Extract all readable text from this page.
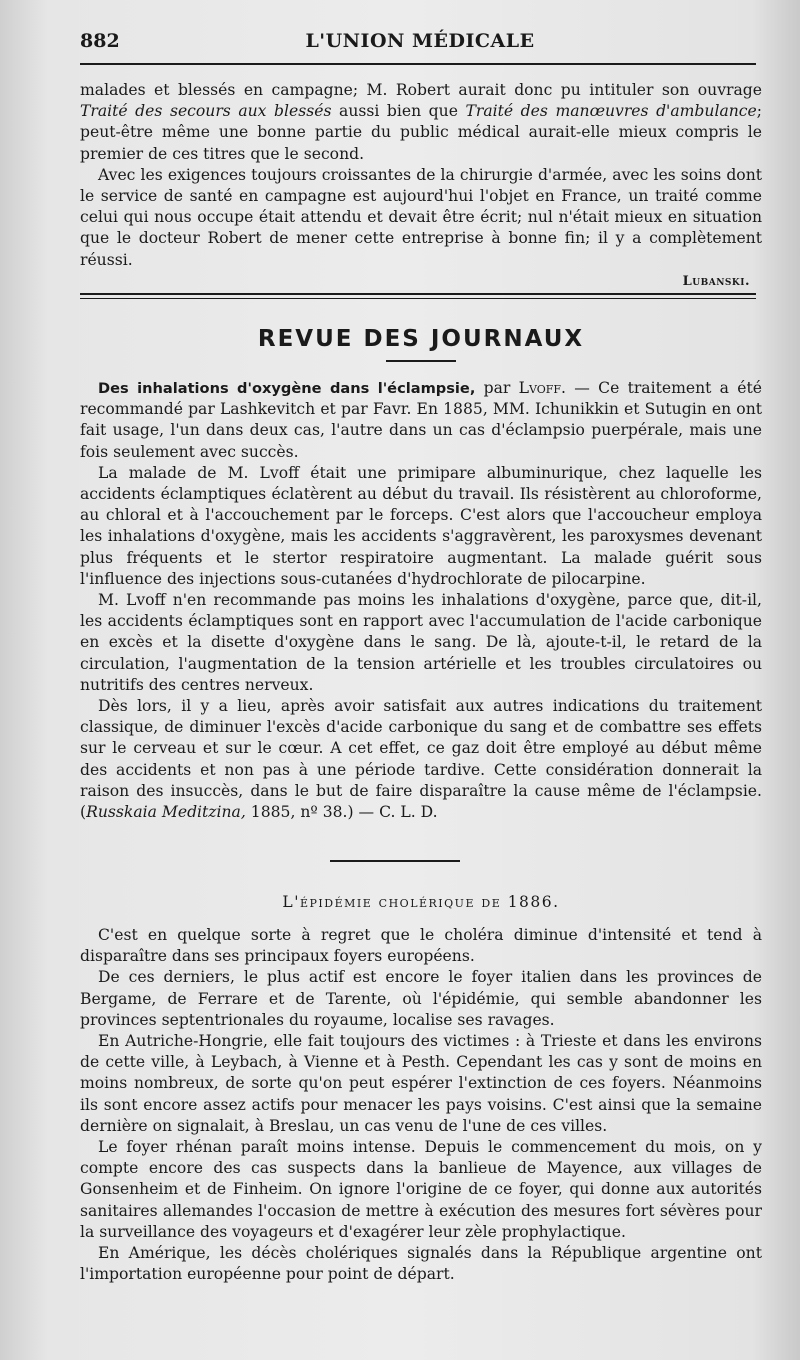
882	L'UNION MÉDICALE

malades et blessés en campagne; M. Robert aurait donc pu intituler son ouvrage Traité des secours aux blessés aussi bien que Traité des manœuvres d'ambulance; peut-être même une bonne partie du public médical aurait-elle mieux compris le premier de ces titres que le second.

Avec les exigences toujours croissantes de la chirurgie d'armée, avec les soins dont le service de santé en campagne est aujourd'hui l'objet en France, un traité comme celui qui nous occupe était attendu et devait être écrit; nul n'était mieux en situation que le docteur Robert de mener cette entreprise à bonne fin; il y a complètement réussi.

Lubanski.

REVUE DES JOURNAUX

Des inhalations d'oxygène dans l'éclampsie, par Lvoff. — Ce traitement a été recommandé par Lashkevitch et par Favr. En 1885, MM. Ichunikkin et Sutugin en ont fait usage, l'un dans deux cas, l'autre dans un cas d'éclampsio puerpérale, mais une fois seulement avec succès.

La malade de M. Lvoff était une primipare albuminurique, chez laquelle les accidents éclamptiques éclatèrent au début du travail. Ils résistèrent au chloroforme, au chloral et à l'accouchement par le forceps. C'est alors que l'accoucheur employa les inhalations d'oxygène, mais les accidents s'aggravèrent, les paroxysmes devenant plus fréquents et le stertor respiratoire augmentant. La malade guérit sous l'influence des injections sous-cutanées d'hydrochlorate de pilocarpine.

M. Lvoff n'en recommande pas moins les inhalations d'oxygène, parce que, dit-il, les accidents éclamptiques sont en rapport avec l'accumulation de l'acide carbonique en excès et la disette d'oxygène dans le sang. De là, ajoute-t-il, le retard de la circulation, l'augmentation de la tension artérielle et les troubles circulatoires ou nutritifs des centres nerveux.

Dès lors, il y a lieu, après avoir satisfait aux autres indications du traitement classique, de diminuer l'excès d'acide carbonique du sang et de combattre ses effets sur le cerveau et sur le cœur. A cet effet, ce gaz doit être employé au début même des accidents et non pas à une période tardive. Cette considération donnerait la raison des insuccès, dans le but de faire disparaître la cause même de l'éclampsie. (Russkaia Meditzina, 1885, nº 38.) — C. L. D.

L'épidémie cholérique de 1886.

C'est en quelque sorte à regret que le choléra diminue d'intensité et tend à disparaître dans ses principaux foyers européens.

De ces derniers, le plus actif est encore le foyer italien dans les provinces de Bergame, de Ferrare et de Tarente, où l'épidémie, qui semble abandonner les provinces septentrionales du royaume, localise ses ravages.

En Autriche-Hongrie, elle fait toujours des victimes : à Trieste et dans les environs de cette ville, à Leybach, à Vienne et à Pesth. Cependant les cas y sont de moins en moins nombreux, de sorte qu'on peut espérer l'extinction de ces foyers. Néanmoins ils sont encore assez actifs pour menacer les pays voisins. C'est ainsi que la semaine dernière on signalait, à Breslau, un cas venu de l'une de ces villes.

Le foyer rhénan paraît moins intense. Depuis le commencement du mois, on y compte encore des cas suspects dans la banlieue de Mayence, aux villages de Gonsenheim et de Finheim. On ignore l'origine de ce foyer, qui donne aux autorités sanitaires allemandes l'occasion de mettre à exécution des mesures fort sévères pour la surveillance des voyageurs et d'exagérer leur zèle prophylactique.

En Amérique, les décès cholériques signalés dans la République argentine ont l'importation européenne pour point de départ.
